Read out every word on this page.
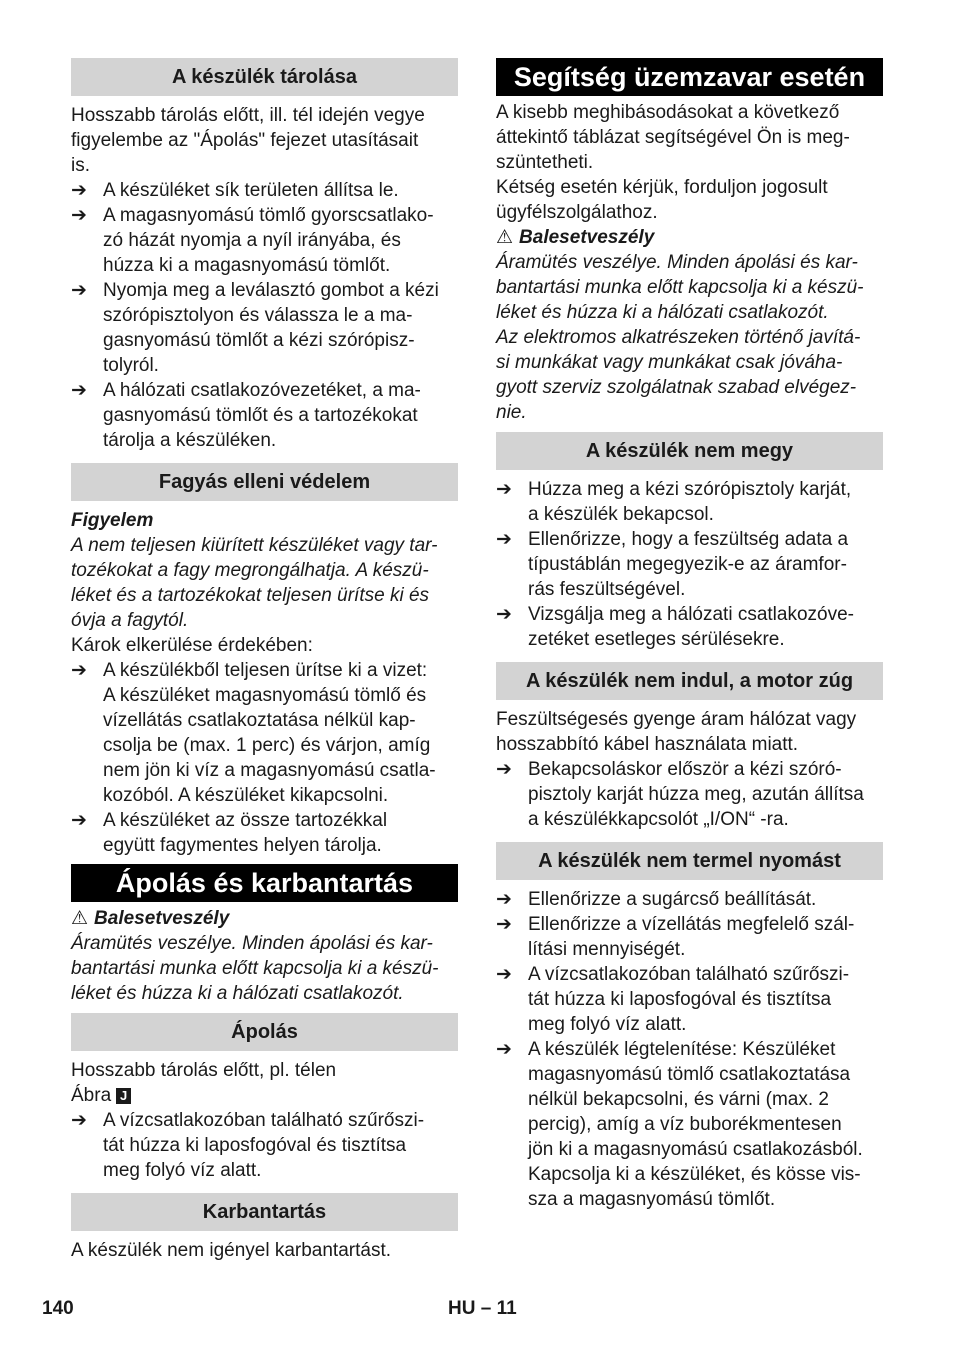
A készülék tárolása
Hosszabb tárolás előtt, ill. tél idején vegye
figyelembe az "Ápolás" fejezet utasításait
is.
➔ A készüléket sík területen állítsa le.
➔ A magasnyomású tömlő gyorscsatlako-
zó házát nyomja a nyíl irányába, és
húzza ki a magasnyomású tömlőt.
➔ Nyomja meg a leválasztó gombot a kézi
szórópisztolyon és válassza le a ma-
gasnyomású tömlőt a kézi szórópisz-
tolyról.
➔ A hálózati csatlakozóvezetéket, a ma-
gasnyomású tömlőt és a tartozékokat
tárolja a készüléken.
Fagyás elleni védelem
Figyelem
A nem teljesen kiürített készüléket vagy tar-
tozékokat a fagy megrongálhatja. A készü-
léket és a tartozékokat teljesen ürítse ki és
óvja a fagytól.
Károk elkerülése érdekében:
➔ A készülékből teljesen ürítse ki a vizet:
A készüléket magasnyomású tömlő és
vízellátás csatlakoztatása nélkül kap-
csolja be (max. 1 perc) és várjon, amíg
nem jön ki víz a magasnyomású csatla-
kozóból. A készüléket kikapcsolni.
➔ A készüléket az össze tartozékkal
együtt fagymentes helyen tárolja.
Ápolás és karbantartás
⚠ Balesetveszély
Áramütés veszélye. Minden ápolási és kar-
bantartási munka előtt kapcsolja ki a készü-
léket és húzza ki a hálózati csatlakozót.
Ápolás
Hosszabb tárolás előtt, pl. télen
Ábra J
➔ A vízcsatlakozóban található szűrőszi-
tát húzza ki laposfogóval és tisztítsa
meg folyó víz alatt.
Karbantartás
A készülék nem igényel karbantartást.
Segítség üzemzavar esetén
A kisebb meghibásodásokat a következő
áttekintő táblázat segítségével Ön is meg-
szüntetheti.
Kétség esetén kérjük, forduljon jogosult
ügyfélszolgálathoz.
⚠ Balesetveszély
Áramütés veszélye. Minden ápolási és kar-
bantartási munka előtt kapcsolja ki a készü-
léket és húzza ki a hálózati csatlakozót.
Az elektromos alkatrészeken történő javítá-
si munkákat vagy munkákat csak jóváha-
gyott szerviz szolgálatnak szabad elvégez-
nie.
A készülék nem megy
➔ Húzza meg a kézi szórópisztoly karját,
a készülék bekapcsol.
➔ Ellenőrizze, hogy a feszültség adata a
típustáblán megegyezik-e az áramfor-
rás feszültségével.
➔ Vizsgálja meg a hálózati csatlakozóve-
zetéket esetleges sérülésekre.
A készülék nem indul, a motor zúg
Feszültségesés gyenge áram hálózat vagy
hosszabbító kábel használata miatt.
➔ Bekapcsoláskor először a kézi szóró-
pisztoly karját húzza meg, azután állítsa
a készülékkapcsolót „I/ON“ -ra.
A készülék nem termel nyomást
➔ Ellenőrizze a sugárcső beállítását.
➔ Ellenőrizze a vízellátás megfelelő szál-
lítási mennyiségét.
➔ A vízcsatlakozóban található szűrőszi-
tát húzza ki laposfogóval és tisztítsa
meg folyó víz alatt.
➔ A készülék légtelenítése: Készüléket
magasnyomású tömlő csatlakoztatása
nélkül bekapcsolni, és várni (max. 2
percig), amíg a víz buborékmentesen
jön ki a magasnyomású csatlakozásból.
Kapcsolja ki a készüléket, és kösse vis-
sza a magasnyomású tömlőt.
140	HU – 11
